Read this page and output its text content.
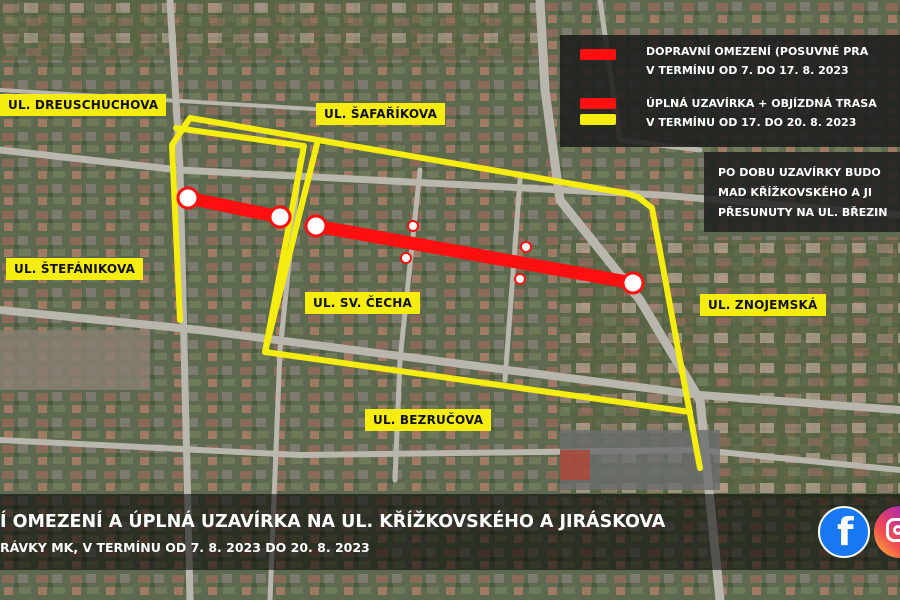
UL. DREUSCHUCHOVA
UL. ŠAFAŘÍKOVA
UL. ŠTEFÁNIKOVA
UL. SV. ČECHA	UL. ZNOJEMSKÁ
UL. BEZRUČOVA
DOPRAVNÍ OMEZENÍ (POSUVNÉ PRA
V TERMÍNU OD 7. DO 17. 8. 2023
ÚPLNÁ UZAVÍRKA + OBJÍZDNÁ TRASA
V TERMÍNU OD 17. DO 20. 8. 2023
PO DOBU UZAVÍRKY BUDO
MAD KŘÍŽKOVSKÉHO A JI
PŘESUNUTY NA UL. BŘEZIN
Í OMEZENÍ A ÚPLNÁ UZAVÍRKA NA UL. KŘÍŽKOVSKÉHO A JIRÁSKOVA
RÁVKY MK, V TERMÍNU OD 7. 8. 2023 DO 20. 8. 2023	f
